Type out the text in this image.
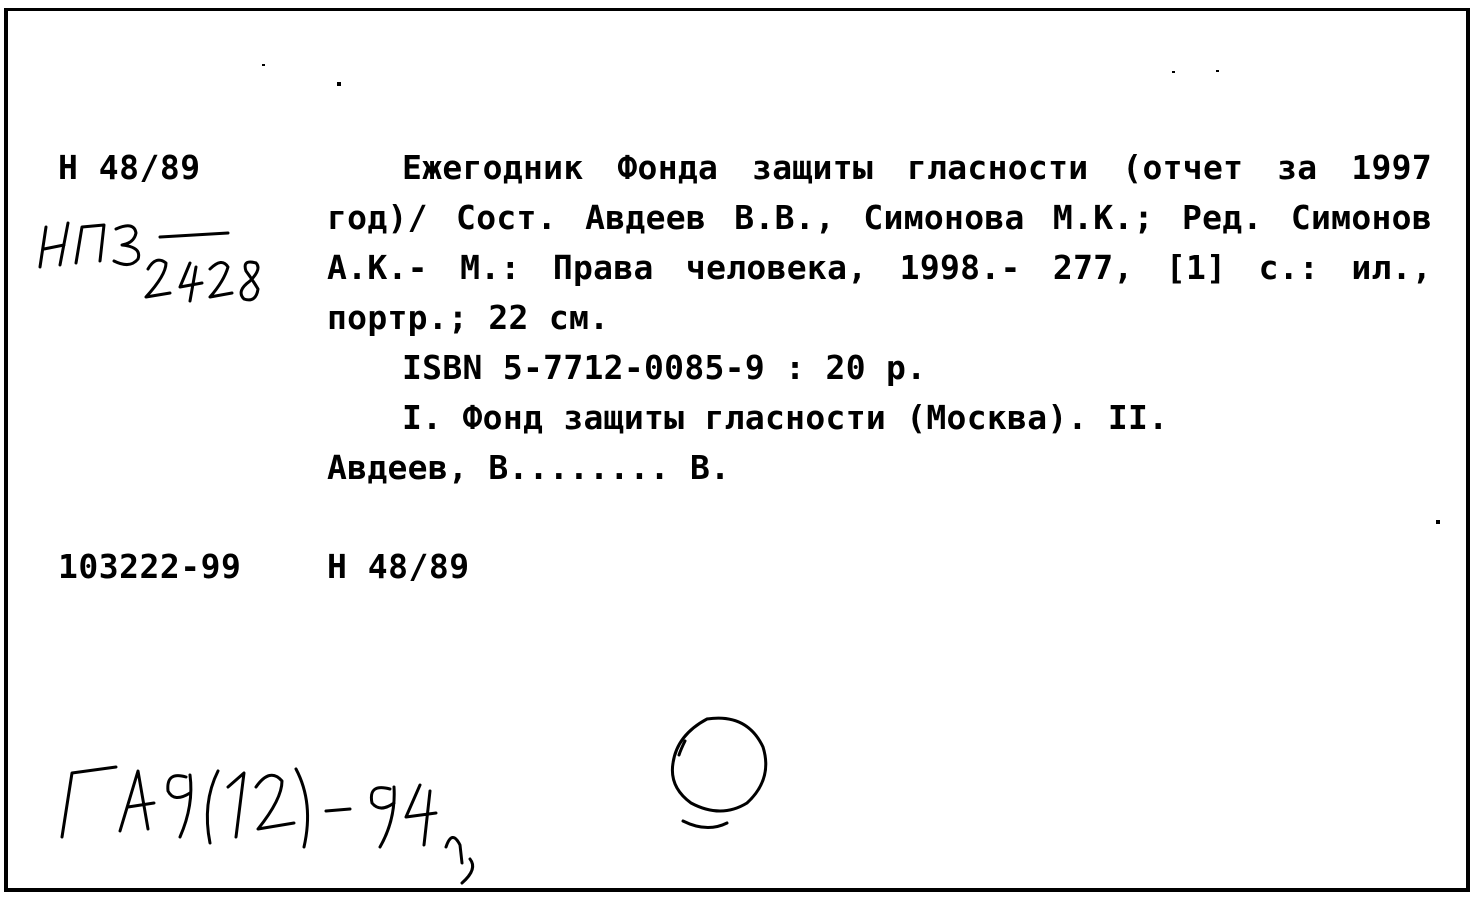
Н 48/89	Ежегодник Фонда защиты гласности (отчет за 1997 год)/ Сост. Авдеев В.В., Симонова М.К.; Ред. Симонов А.К.- М.: Права человека, 1998.- 277, [1] с.: ил., портр.; 22 см.

ISBN 5-7712-0085-9 : 20 р.

I. Фонд защиты гласности (Москва). II.

Авдеев, В........ В.
103222-99	Н 48/89
